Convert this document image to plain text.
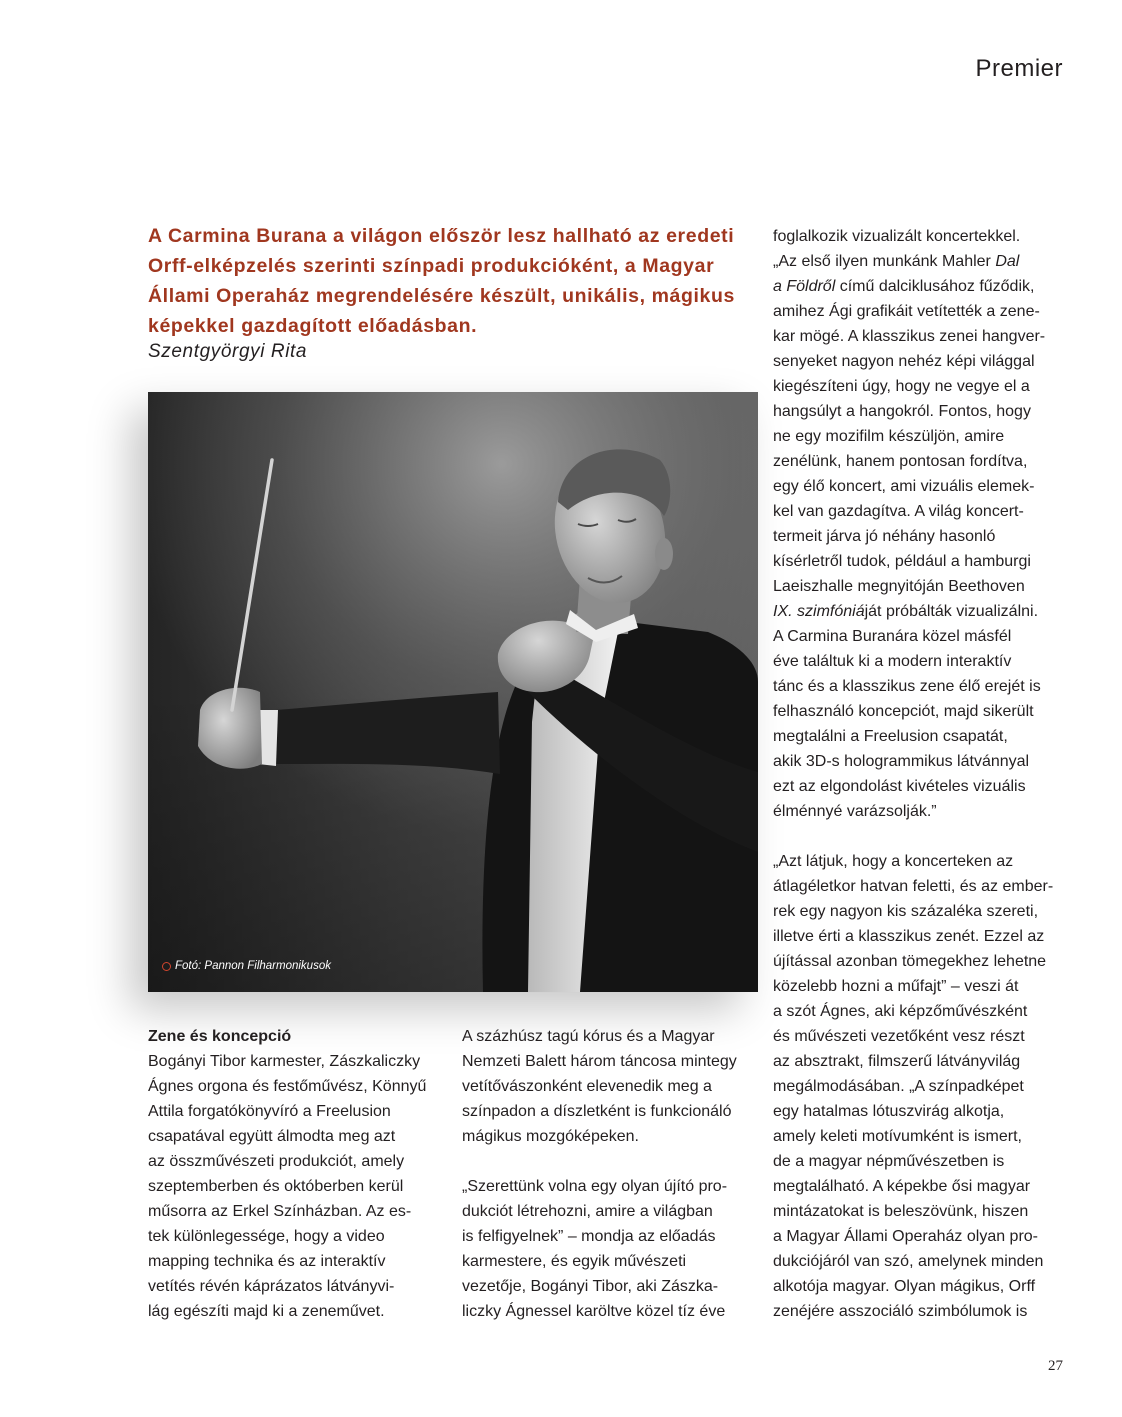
Premier
A Carmina Burana a világon először lesz hallható az eredeti
Orff-elképzelés szerinti színpadi produkcióként, a Magyar
Állami Operaház megrendelésére készült, unikális, mágikus
képekkel gazdagított előadásban.
Szentgyörgyi Rita
Fotó: Pannon Filharmonikusok
Zene és koncepció
Bogányi Tibor karmester, Zászkaliczky
Ágnes orgona és festőművész, Könnyű
Attila forgatókönyvíró a Freelusion
csapatával együtt álmodta meg azt
az összművészeti produkciót, amely
szeptemberben és októberben kerül
műsorra az Erkel Színházban. Az es-
tek különlegessége, hogy a video
mapping technika és az interaktív
vetítés révén káprázatos látványvi-
lág egészíti majd ki a zeneművet.
A százhúsz tagú kórus és a Magyar
Nemzeti Balett három táncosa mintegy
vetítővászonként elevenedik meg a
színpadon a díszletként is funkcionáló
mágikus mozgóképeken.
„Szerettünk volna egy olyan újító pro-
dukciót létrehozni, amire a világban
is felfigyelnek” – mondja az előadás
karmestere, és egyik művészeti
vezetője, Bogányi Tibor, aki Zászka-
liczky Ágnessel karöltve közel tíz éve
foglalkozik vizualizált koncertekkel.
„Az első ilyen munkánk Mahler Dal
a Földről című dalciklusához fűződik,
amihez Ági grafikáit vetítették a zene-
kar mögé. A klasszikus zenei hangver-
senyeket nagyon nehéz képi világgal
kiegészíteni úgy, hogy ne vegye el a
hangsúlyt a hangokról. Fontos, hogy
ne egy mozifilm készüljön, amire
zenélünk, hanem pontosan fordítva,
egy élő koncert, ami vizuális elemek-
kel van gazdagítva. A világ koncert-
termeit járva jó néhány hasonló
kísérletről tudok, például a hamburgi
Laeiszhalle megnyitóján Beethoven
IX. szimfóniáját próbálták vizualizálni.
A Carmina Buranára közel másfél
éve találtuk ki a modern interaktív
tánc és a klasszikus zene élő erejét is
felhasználó koncepciót, majd sikerült
megtalálni a Freelusion csapatát,
akik 3D-s hologrammikus látvánnyal
ezt az elgondolást kivételes vizuális
élménnyé varázsolják.”
„Azt látjuk, hogy a koncerteken az
átlagéletkor hatvan feletti, és az ember-
rek egy nagyon kis százaléka szereti,
illetve érti a klasszikus zenét. Ezzel az
újítással azonban tömegekhez lehetne
közelebb hozni a műfajt” – veszi át
a szót Ágnes, aki képzőművészként
és művészeti vezetőként vesz részt
az absztrakt, filmszerű látványvilág
megálmodásában. „A színpadképet
egy hatalmas lótuszvirág alkotja,
amely keleti motívumként is ismert,
de a magyar népművészetben is
megtalálható. A képekbe ősi magyar
mintázatokat is beleszövünk, hiszen
a Magyar Állami Operaház olyan pro-
dukciójáról van szó, amelynek minden
alkotója magyar. Olyan mágikus, Orff
zenéjére asszociáló szimbólumok is
27
